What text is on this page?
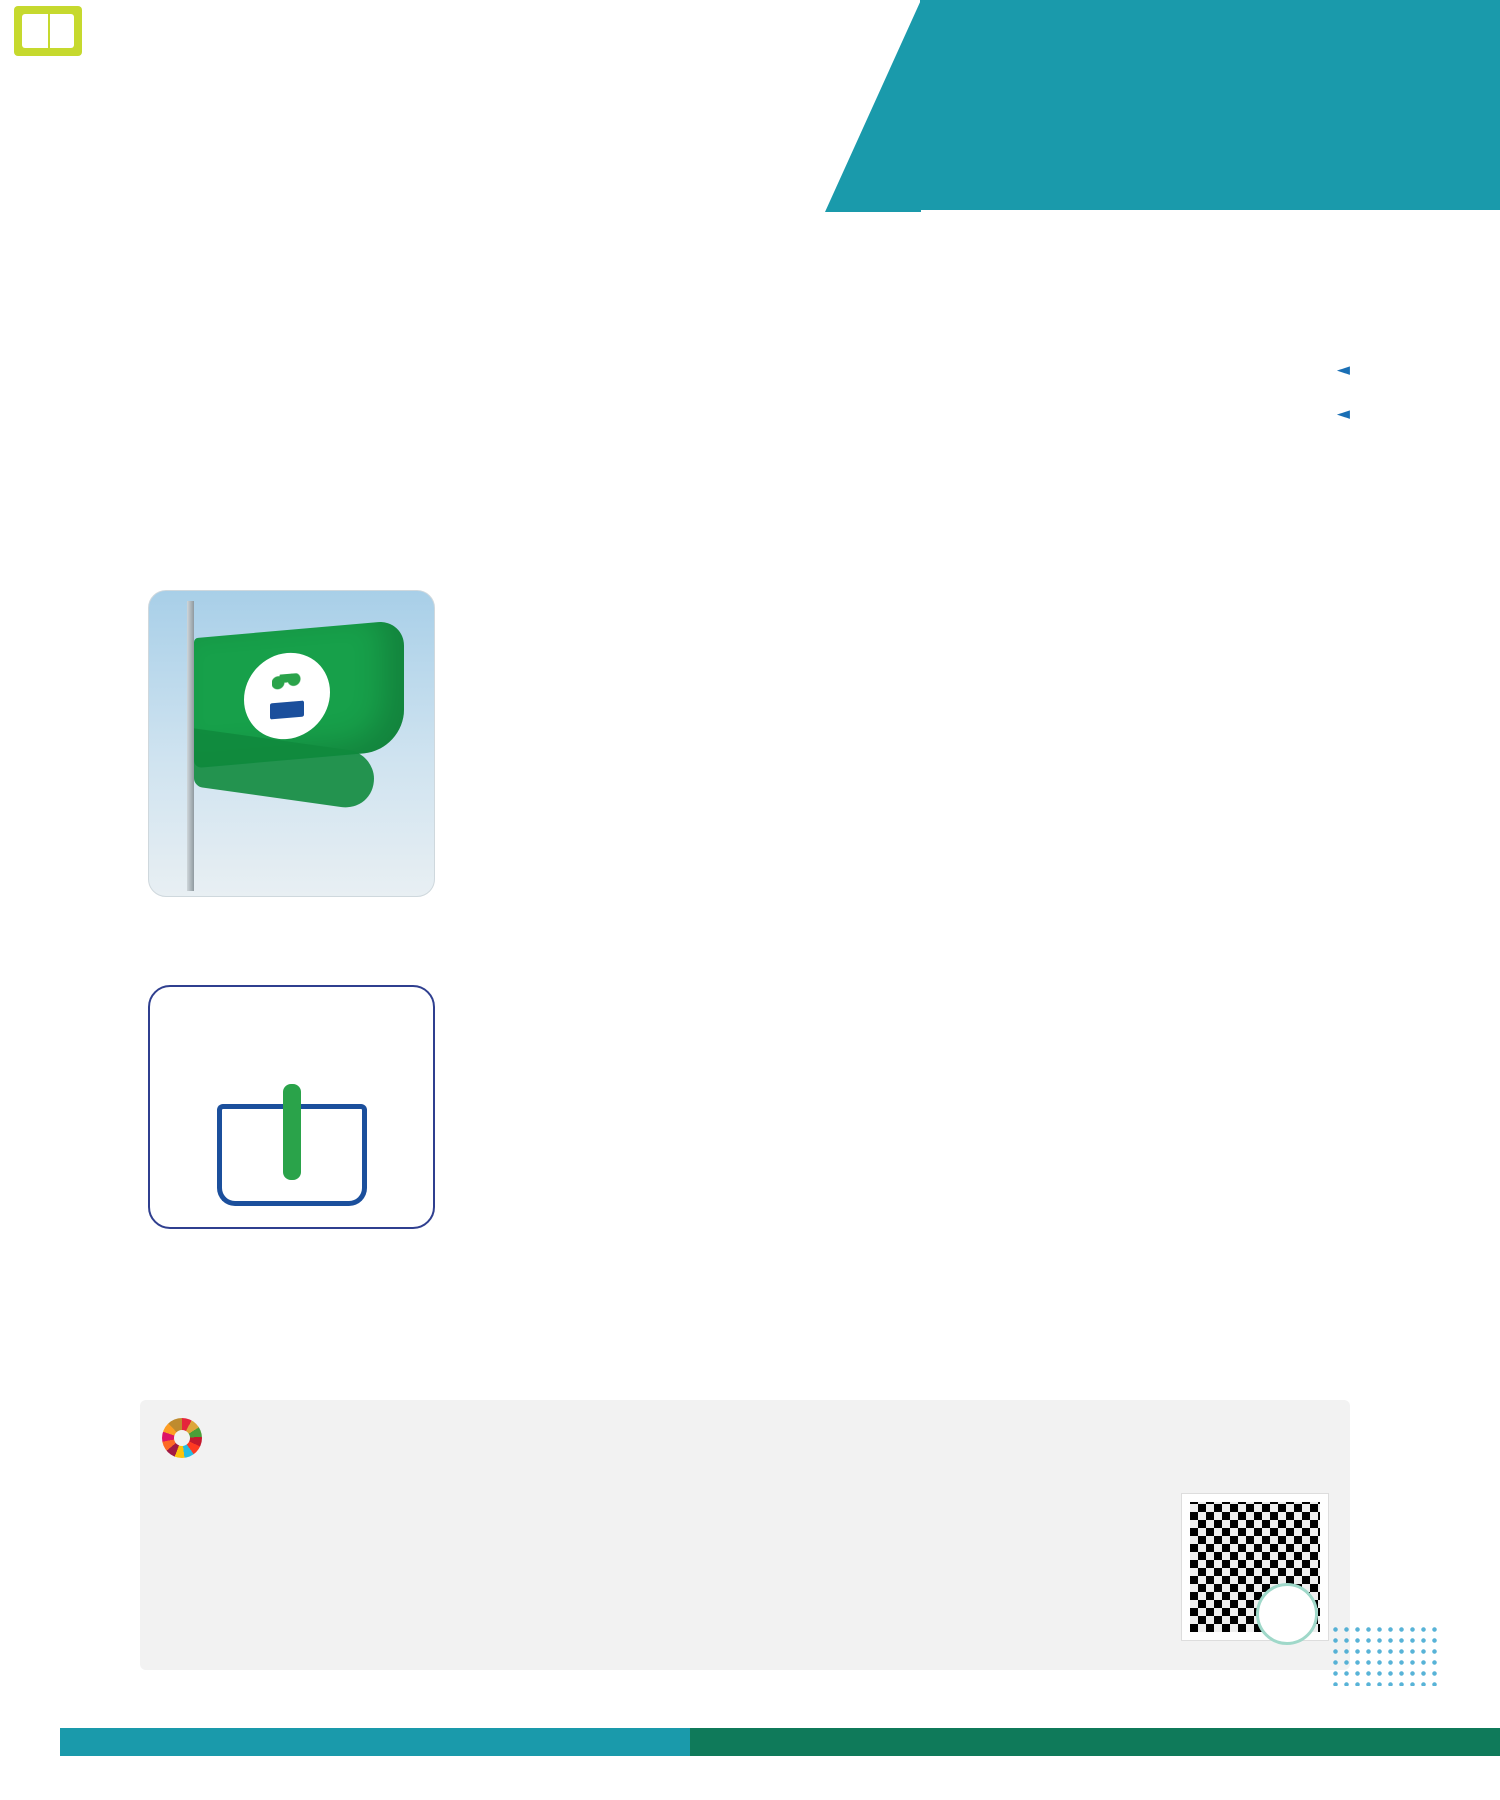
◄

◄
